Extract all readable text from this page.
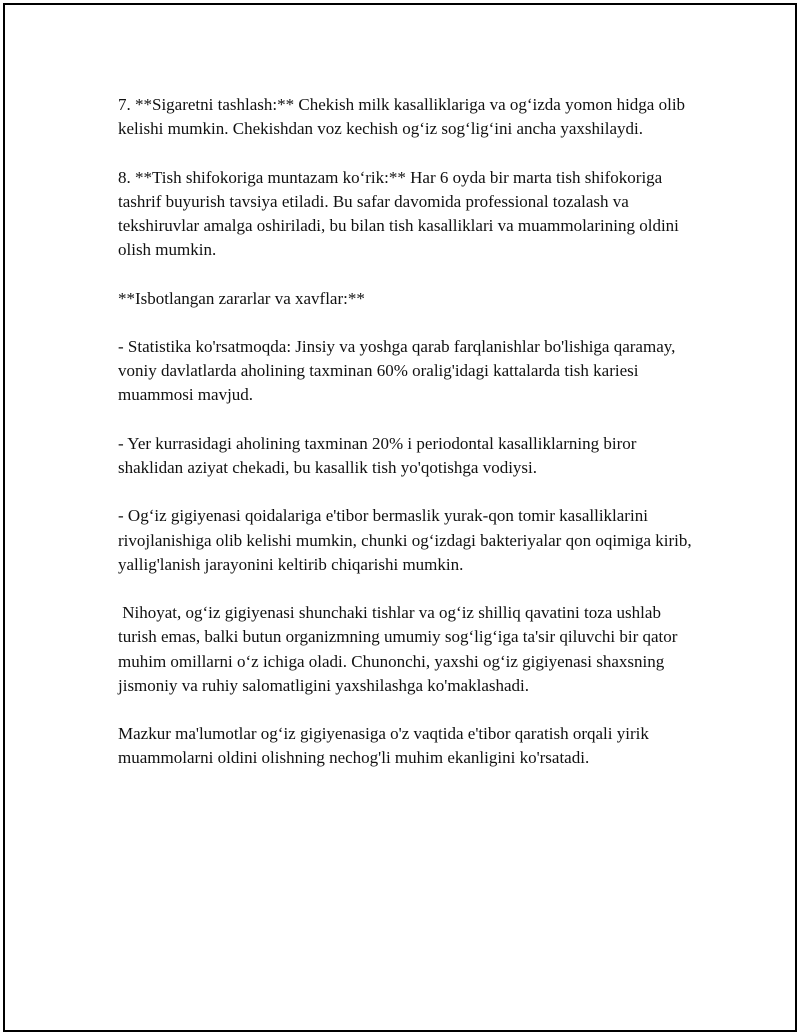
7. **Sigaretni tashlash:** Chekish milk kasalliklariga va og‘izda yomon hidga olib kelishi mumkin. Chekishdan voz kechish og‘iz sog‘lig‘ini ancha yaxshilaydi.

8. **Tish shifokoriga muntazam ko‘rik:** Har 6 oyda bir marta tish shifokoriga tashrif buyurish tavsiya etiladi. Bu safar davomida professional tozalash va tekshiruvlar amalga oshiriladi, bu bilan tish kasalliklari va muammolarining oldini olish mumkin.

**Isbotlangan zararlar va xavflar:**

- Statistika ko'rsatmoqda: Jinsiy va yoshga qarab farqlanishlar bo'lishiga qaramay, voniy davlatlarda aholining taxminan 60% oralig'idagi kattalarda tish kariesi muammosi mavjud.

- Yer kurrasidagi aholining taxminan 20% i periodontal kasalliklarning biror shaklidan aziyat chekadi, bu kasallik tish yo'qotishga vodiysi.

- Og‘iz gigiyenasi qoidalariga e'tibor bermaslik yurak-qon tomir kasalliklarini rivojlanishiga olib kelishi mumkin, chunki og‘izdagi bakteriyalar qon oqimiga kirib, yallig'lanish jarayonini keltirib chiqarishi mumkin.

Nihoyat, og‘iz gigiyenasi shunchaki tishlar va og‘iz shilliq qavatini toza ushlab turish emas, balki butun organizmning umumiy sog‘lig‘iga ta'sir qiluvchi bir qator muhim omillarni o‘z ichiga oladi. Chunonchi, yaxshi og‘iz gigiyenasi shaxsning jismoniy va ruhiy salomatligini yaxshilashga ko'maklashadi.

Mazkur ma'lumotlar og‘iz gigiyenasiga o'z vaqtida e'tibor qaratish orqali yirik muammolarni oldini olishning nechog'li muhim ekanligini ko'rsatadi.
